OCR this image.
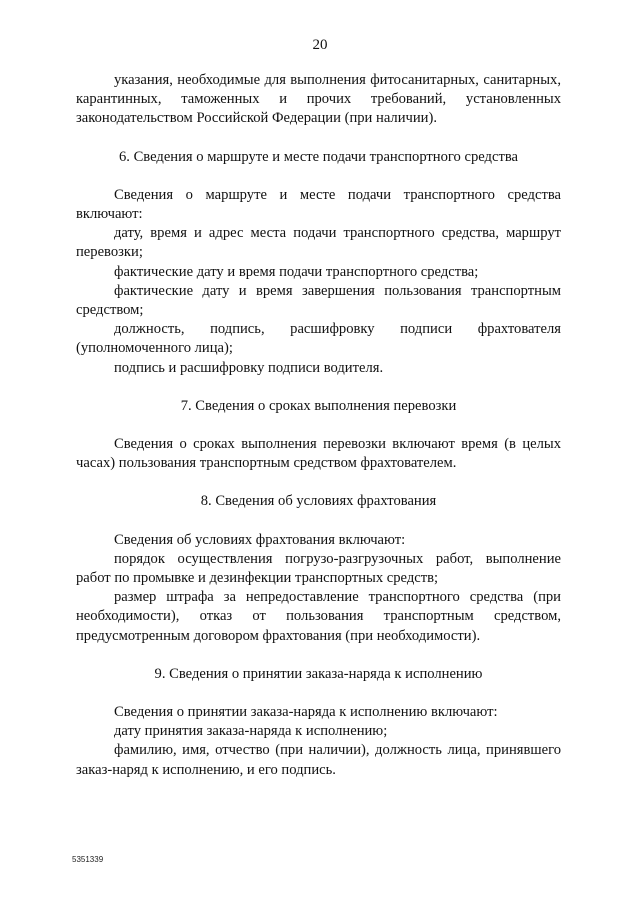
20

указания, необходимые для выполнения фитосанитарных, санитарных, карантинных, таможенных и прочих требований, установленных законодательством Российской Федерации (при наличии).

6. Сведения о маршруте и месте подачи транспортного средства

Сведения о маршруте и месте подачи транспортного средства включают:

дату, время и адрес места подачи транспортного средства, маршрут перевозки;

фактические дату и время подачи транспортного средства;

фактические дату и время завершения пользования транспортным средством;

должность, подпись, расшифровку подписи фрахтователя (уполномоченного лица);

подпись и расшифровку подписи водителя.

7. Сведения о сроках выполнения перевозки

Сведения о сроках выполнения перевозки включают время (в целых часах) пользования транспортным средством фрахтователем.

8. Сведения об условиях фрахтования

Сведения об условиях фрахтования включают:

порядок осуществления погрузо-разгрузочных работ, выполнение работ по промывке и дезинфекции транспортных средств;

размер штрафа за непредоставление транспортного средства (при необходимости), отказ от пользования транспортным средством, предусмотренным договором фрахтования (при необходимости).

9. Сведения о принятии заказа-наряда к исполнению

Сведения о принятии заказа-наряда к исполнению включают:

дату принятия заказа-наряда к исполнению;

фамилию, имя, отчество (при наличии), должность лица, принявшего заказ-наряд к исполнению, и его подпись.

5351339
